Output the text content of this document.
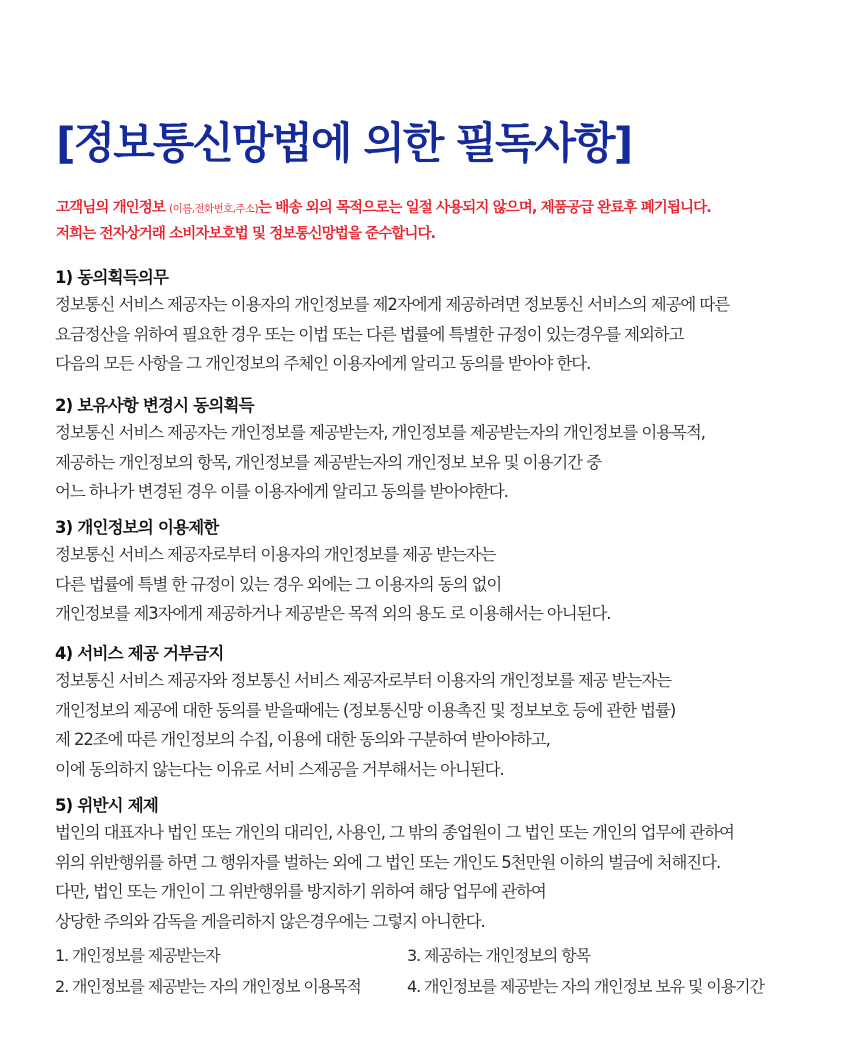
[정보통신망법에 의한 필독사항]

고객님의 개인정보 (이름,전화번호,주소)는 배송 외의 목적으로는 일절 사용되지 않으며, 제품공급 완료후 폐기됩니다.
저희는 전자상거래 소비자보호법 및 정보통신망법을 준수합니다.

1) 동의획득의무
정보통신 서비스 제공자는 이용자의 개인정보를 제2자에게 제공하려면 정보통신 서비스의 제공에 따른
요금정산을 위하여 필요한 경우 또는 이법 또는 다른 법률에 특별한 규정이 있는경우를 제외하고
다음의 모든 사항을 그 개인정보의 주체인 이용자에게 알리고 동의를 받아야 한다.
2) 보유사항 변경시 동의획득
정보통신 서비스 제공자는 개인정보를 제공받는자, 개인정보를 제공받는자의 개인정보를 이용목적,
제공하는 개인정보의 항목, 개인정보를 제공받는자의 개인정보 보유 및 이용기간 중
어느 하나가 변경된 경우 이를 이용자에게 알리고 동의를 받아야한다.
3) 개인정보의 이용제한
정보통신 서비스 제공자로부터 이용자의 개인정보를 제공 받는자는
다른 법률에 특별 한 규정이 있는 경우 외에는 그 이용자의 동의 없이
개인정보를 제3자에게 제공하거나 제공받은 목적 외의 용도 로 이용해서는 아니된다.
4) 서비스 제공 거부금지
정보통신 서비스 제공자와 정보통신 서비스 제공자로부터 이용자의 개인정보를 제공 받는자는
개인정보의 제공에 대한 동의를 받을때에는 (정보통신망 이용촉진 및 정보보호 등에 관한 법률)
제 22조에 따른 개인정보의 수집, 이용에 대한 동의와 구분하여 받아야하고,
이에 동의하지 않는다는 이유로 서비 스제공을 거부해서는 아니된다.
5) 위반시 제제
법인의 대표자나 법인 또는 개인의 대리인, 사용인, 그 밖의 종업원이 그 법인 또는 개인의 업무에 관하여
위의 위반행위를 하면 그 행위자를 벌하는 외에 그 법인 또는 개인도 5천만원 이하의 벌금에 처해진다.
다만, 법인 또는 개인이 그 위반행위를 방지하기 위하여 해당 업무에 관하여
상당한 주의와 감독을 게을리하지 않은경우에는 그렇지 아니한다.
1. 개인정보를 제공받는자	3. 제공하는 개인정보의 항목
2. 개인정보를 제공받는 자의 개인정보 이용목적	4. 개인정보를 제공받는 자의 개인정보 보유 및 이용기간
